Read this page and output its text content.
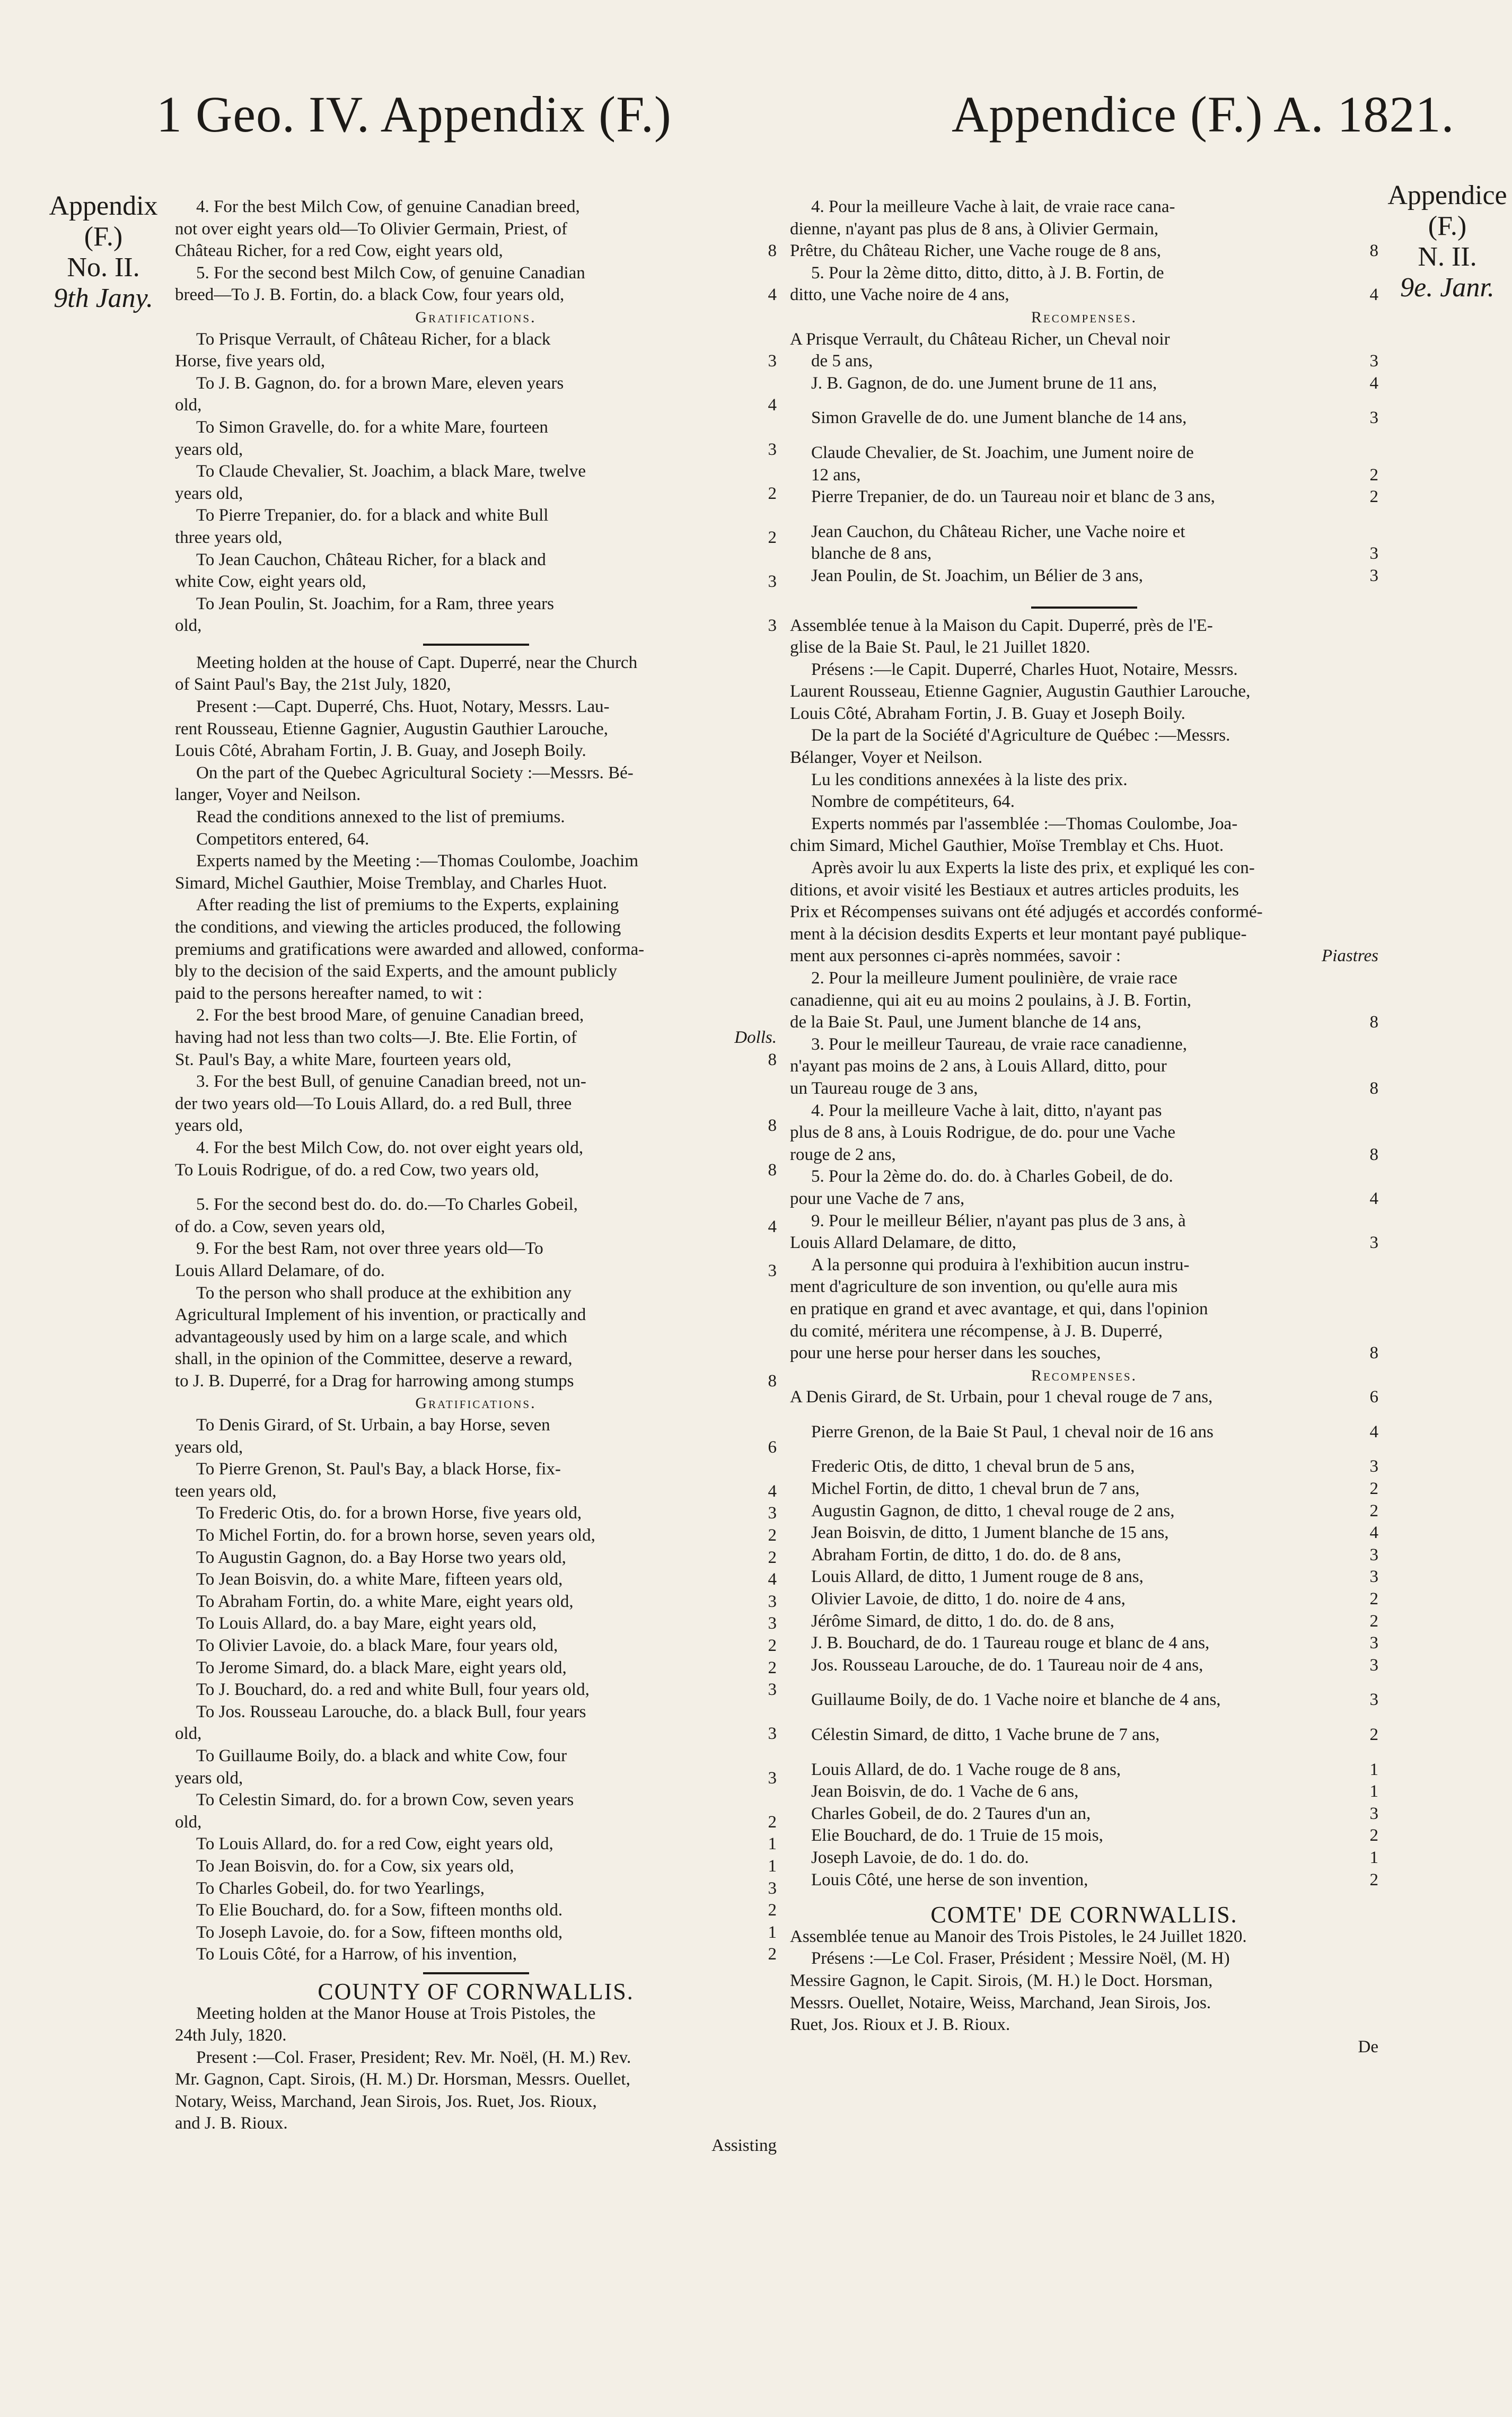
1 Geo. IV. Appendix (F.)	Appendice (F.) A. 1821.
Appendix
(F.)
No. II.
9th Jany.
Appendice
(F.)
N. II.
9e. Janr.
4. For the best Milch Cow, of genuine Canadian breed,
not over eight years old—To Olivier Germain, Priest, of
Château Richer, for a red Cow, eight years old,	8
5. For the second best Milch Cow, of genuine Canadian
breed—To J. B. Fortin, do. a black Cow, four years old,	4
Gratifications.
To Prisque Verrault, of Château Richer, for a black
Horse, five years old,	3
To J. B. Gagnon, do. for a brown Mare, eleven years
old,	4
To Simon Gravelle, do. for a white Mare, fourteen
years old,	3
To Claude Chevalier, St. Joachim, a black Mare, twelve
years old,	2
To Pierre Trepanier, do. for a black and white Bull
three years old,	2
To Jean Cauchon, Château Richer, for a black and
white Cow, eight years old,	3
To Jean Poulin, St. Joachim, for a Ram, three years
old,	3
Meeting holden at the house of Capt. Duperré, near the Church
of Saint Paul's Bay, the 21st July, 1820,
Present :—Capt. Duperré, Chs. Huot, Notary, Messrs. Lau-
rent Rousseau, Etienne Gagnier, Augustin Gauthier Larouche,
Louis Côté, Abraham Fortin, J. B. Guay, and Joseph Boily.
On the part of the Quebec Agricultural Society :—Messrs. Bé-
langer, Voyer and Neilson.
Read the conditions annexed to the list of premiums.
Competitors entered, 64.
Experts named by the Meeting :—Thomas Coulombe, Joachim
Simard, Michel Gauthier, Moise Tremblay, and Charles Huot.
After reading the list of premiums to the Experts, explaining
the conditions, and viewing the articles produced, the following
premiums and gratifications were awarded and allowed, conforma-
bly to the decision of the said Experts, and the amount publicly
paid to the persons hereafter named, to wit :
2. For the best brood Mare, of genuine Canadian breed,
having had not less than two colts—J. Bte. Elie Fortin, of	Dolls.
St. Paul's Bay, a white Mare, fourteen years old,	8
3. For the best Bull, of genuine Canadian breed, not un-
der two years old—To Louis Allard, do. a red Bull, three
years old,	8
4. For the best Milch Cow, do. not over eight years old,
To Louis Rodrigue, of do. a red Cow, two years old,	8
5. For the second best do. do. do.—To Charles Gobeil,
of do. a Cow, seven years old,	4
9. For the best Ram, not over three years old—To
Louis Allard Delamare, of do.	3
To the person who shall produce at the exhibition any
Agricultural Implement of his invention, or practically and
advantageously used by him on a large scale, and which
shall, in the opinion of the Committee, deserve a reward,
to J. B. Duperré, for a Drag for harrowing among stumps	8
Gratifications.
To Denis Girard, of St. Urbain, a bay Horse, seven
years old,	6
To Pierre Grenon, St. Paul's Bay, a black Horse, fix-
teen years old,	4
To Frederic Otis, do. for a brown Horse, five years old,	3
To Michel Fortin, do. for a brown horse, seven years old,	2
To Augustin Gagnon, do. a Bay Horse two years old,	2
To Jean Boisvin, do. a white Mare, fifteen years old,	4
To Abraham Fortin, do. a white Mare, eight years old,	3
To Louis Allard, do. a bay Mare, eight years old,	3
To Olivier Lavoie, do. a black Mare, four years old,	2
To Jerome Simard, do. a black Mare, eight years old,	2
To J. Bouchard, do. a red and white Bull, four years old,	3
To Jos. Rousseau Larouche, do. a black Bull, four years
old,	3
To Guillaume Boily, do. a black and white Cow, four
years old,	3
To Celestin Simard, do. for a brown Cow, seven years
old,	2
To Louis Allard, do. for a red Cow, eight years old,	1
To Jean Boisvin, do. for a Cow, six years old,	1
To Charles Gobeil, do. for two Yearlings,	3
To Elie Bouchard, do. for a Sow, fifteen months old.	2
To Joseph Lavoie, do. for a Sow, fifteen months old,	1
To Louis Côté, for a Harrow, of his invention,	2
COUNTY OF CORNWALLIS.
Meeting holden at the Manor House at Trois Pistoles, the
24th July, 1820.
Present :—Col. Fraser, President; Rev. Mr. Noël, (H. M.) Rev.
Mr. Gagnon, Capt. Sirois, (H. M.) Dr. Horsman, Messrs. Ouellet,
Notary, Weiss, Marchand, Jean Sirois, Jos. Ruet, Jos. Rioux,
and J. B. Rioux.
Assisting
4. Pour la meilleure Vache à lait, de vraie race cana-
dienne, n'ayant pas plus de 8 ans, à Olivier Germain,
Prêtre, du Château Richer, une Vache rouge de 8 ans,	8
5. Pour la 2ème ditto, ditto, ditto, à J. B. Fortin, de
ditto, une Vache noire de 4 ans,	4
Recompenses.
A Prisque Verrault, du Château Richer, un Cheval noir
de 5 ans,	3
J. B. Gagnon, de do. une Jument brune de 11 ans,	4
Simon Gravelle de do. une Jument blanche de 14 ans,	3
Claude Chevalier, de St. Joachim, une Jument noire de
12 ans,	2
Pierre Trepanier, de do. un Taureau noir et blanc de 3 ans,	2
Jean Cauchon, du Château Richer, une Vache noire et
blanche de 8 ans,	3
Jean Poulin, de St. Joachim, un Bélier de 3 ans,	3
Assemblée tenue à la Maison du Capit. Duperré, près de l'E-
glise de la Baie St. Paul, le 21 Juillet 1820.
Présens :—le Capit. Duperré, Charles Huot, Notaire, Messrs.
Laurent Rousseau, Etienne Gagnier, Augustin Gauthier Larouche,
Louis Côté, Abraham Fortin, J. B. Guay et Joseph Boily.
De la part de la Société d'Agriculture de Québec :—Messrs.
Bélanger, Voyer et Neilson.
Lu les conditions annexées à la liste des prix.
Nombre de compétiteurs, 64.
Experts nommés par l'assemblée :—Thomas Coulombe, Joa-
chim Simard, Michel Gauthier, Moïse Tremblay et Chs. Huot.
Après avoir lu aux Experts la liste des prix, et expliqué les con-
ditions, et avoir visité les Bestiaux et autres articles produits, les
Prix et Récompenses suivans ont été adjugés et accordés conformé-
ment à la décision desdits Experts et leur montant payé publique-
ment aux personnes ci-après nommées, savoir :	Piastres
2. Pour la meilleure Jument poulinière, de vraie race
canadienne, qui ait eu au moins 2 poulains, à J. B. Fortin,
de la Baie St. Paul, une Jument blanche de 14 ans,	8
3. Pour le meilleur Taureau, de vraie race canadienne,
n'ayant pas moins de 2 ans, à Louis Allard, ditto, pour
un Taureau rouge de 3 ans,	8
4. Pour la meilleure Vache à lait, ditto, n'ayant pas
plus de 8 ans, à Louis Rodrigue, de do. pour une Vache
rouge de 2 ans,	8
5. Pour la 2ème do. do. do. à Charles Gobeil, de do.
pour une Vache de 7 ans,	4
9. Pour le meilleur Bélier, n'ayant pas plus de 3 ans, à
Louis Allard Delamare, de ditto,	3
A la personne qui produira à l'exhibition aucun instru-
ment d'agriculture de son invention, ou qu'elle aura mis
en pratique en grand et avec avantage, et qui, dans l'opinion
du comité, méritera une récompense, à J. B. Duperré,
pour une herse pour herser dans les souches,	8
Recompenses.
A Denis Girard, de St. Urbain, pour 1 cheval rouge de 7 ans,	6
Pierre Grenon, de la Baie St Paul, 1 cheval noir de 16 ans	4
Frederic Otis, de ditto, 1 cheval brun de 5 ans,	3
Michel Fortin, de ditto, 1 cheval brun de 7 ans,	2
Augustin Gagnon, de ditto, 1 cheval rouge de 2 ans,	2
Jean Boisvin, de ditto, 1 Jument blanche de 15 ans,	4
Abraham Fortin, de ditto, 1 do. do. de 8 ans,	3
Louis Allard, de ditto, 1 Jument rouge de 8 ans,	3
Olivier Lavoie, de ditto, 1 do. noire de 4 ans,	2
Jérôme Simard, de ditto, 1 do. do. de 8 ans,	2
J. B. Bouchard, de do. 1 Taureau rouge et blanc de 4 ans,	3
Jos. Rousseau Larouche, de do. 1 Taureau noir de 4 ans,	3
Guillaume Boily, de do. 1 Vache noire et blanche de 4 ans,	3
Célestin Simard, de ditto, 1 Vache brune de 7 ans,	2
Louis Allard, de do. 1 Vache rouge de 8 ans,	1
Jean Boisvin, de do. 1 Vache de 6 ans,	1
Charles Gobeil, de do. 2 Taures d'un an,	3
Elie Bouchard, de do. 1 Truie de 15 mois,	2
Joseph Lavoie, de do. 1 do. do.	1
Louis Côté, une herse de son invention,	2
COMTE' DE CORNWALLIS.
Assemblée tenue au Manoir des Trois Pistoles, le 24 Juillet 1820.
Présens :—Le Col. Fraser, Président ; Messire Noël, (M. H)
Messire Gagnon, le Capit. Sirois, (M. H.) le Doct. Horsman,
Messrs. Ouellet, Notaire, Weiss, Marchand, Jean Sirois, Jos.
Ruet, Jos. Rioux et J. B. Rioux.
De
